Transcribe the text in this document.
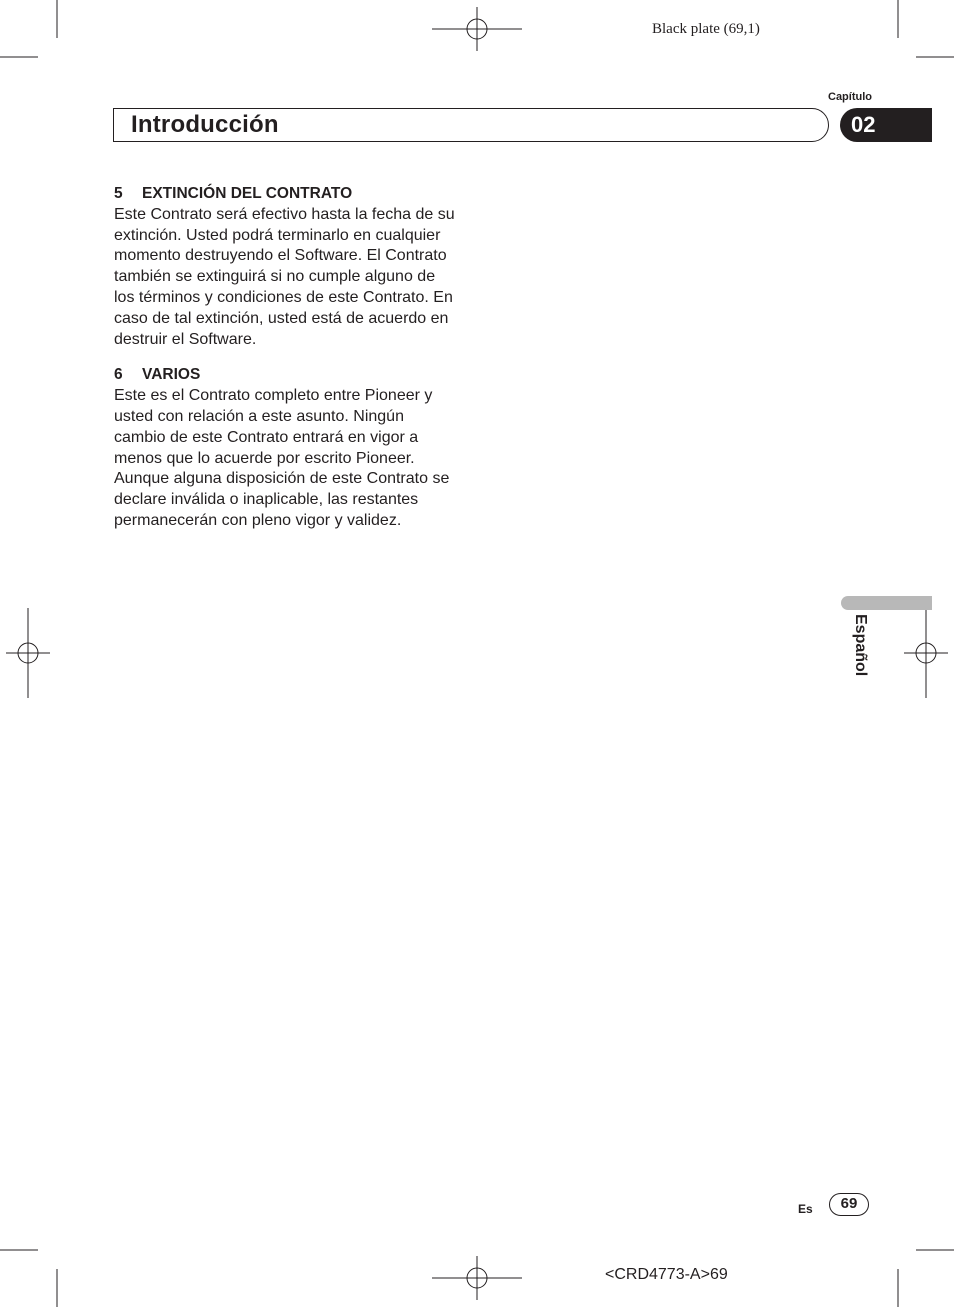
Black plate (69,1)
Capítulo
Introducción	02
5	EXTINCIÓN DEL CONTRATO

Este Contrato será efectivo hasta la fecha de su extinción. Usted podrá terminarlo en cualquier momento destruyendo el Software. El Contrato también se extinguirá si no cumple alguno de los términos y condiciones de este Contrato. En caso de tal extinción, usted está de acuerdo en destruir el Software.

6	VARIOS

Este es el Contrato completo entre Pioneer y usted con relación a este asunto. Ningún cambio de este Contrato entrará en vigor a menos que lo acuerde por escrito Pioneer. Aunque alguna disposición de este Contrato se declare inválida o inaplicable, las restantes permanecerán con pleno vigor y validez.

Español
Es	69
<CRD4773-A>69
